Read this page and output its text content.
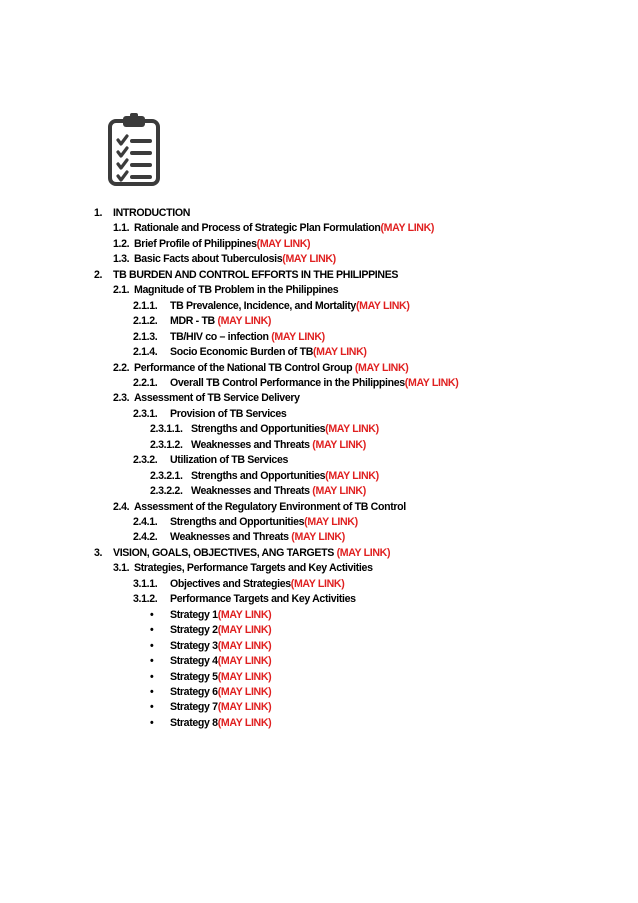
1. INTRODUCTION
1.1. Rationale and Process of Strategic Plan Formulation(MAY LINK)
1.2. Brief Profile of Philippines(MAY LINK)
1.3. Basic Facts about Tuberculosis(MAY LINK)
2. TB BURDEN AND CONTROL EFFORTS IN THE PHILIPPINES
2.1. Magnitude of TB Problem in the Philippines
2.1.1. TB Prevalence, Incidence, and Mortality(MAY LINK)
2.1.2. MDR - TB (MAY LINK)
2.1.3. TB/HIV co – infection (MAY LINK)
2.1.4. Socio Economic Burden of TB(MAY LINK)
2.2. Performance of the National TB Control Group (MAY LINK)
2.2.1. Overall TB Control Performance in the Philippines(MAY LINK)
2.3. Assessment of TB Service Delivery
2.3.1. Provision of TB Services
2.3.1.1. Strengths and Opportunities(MAY LINK)
2.3.1.2. Weaknesses and Threats (MAY LINK)
2.3.2. Utilization of TB Services
2.3.2.1. Strengths and Opportunities(MAY LINK)
2.3.2.2. Weaknesses and Threats (MAY LINK)
2.4. Assessment of the Regulatory Environment of TB Control
2.4.1. Strengths and Opportunities(MAY LINK)
2.4.2. Weaknesses and Threats (MAY LINK)
3. VISION, GOALS, OBJECTIVES, ANG TARGETS (MAY LINK)
3.1. Strategies, Performance Targets and Key Activities
3.1.1. Objectives and Strategies(MAY LINK)
3.1.2. Performance Targets and Key Activities
• Strategy 1(MAY LINK)
• Strategy 2(MAY LINK)
• Strategy 3(MAY LINK)
• Strategy 4(MAY LINK)
• Strategy 5(MAY LINK)
• Strategy 6(MAY LINK)
• Strategy 7(MAY LINK)
• Strategy 8(MAY LINK)
